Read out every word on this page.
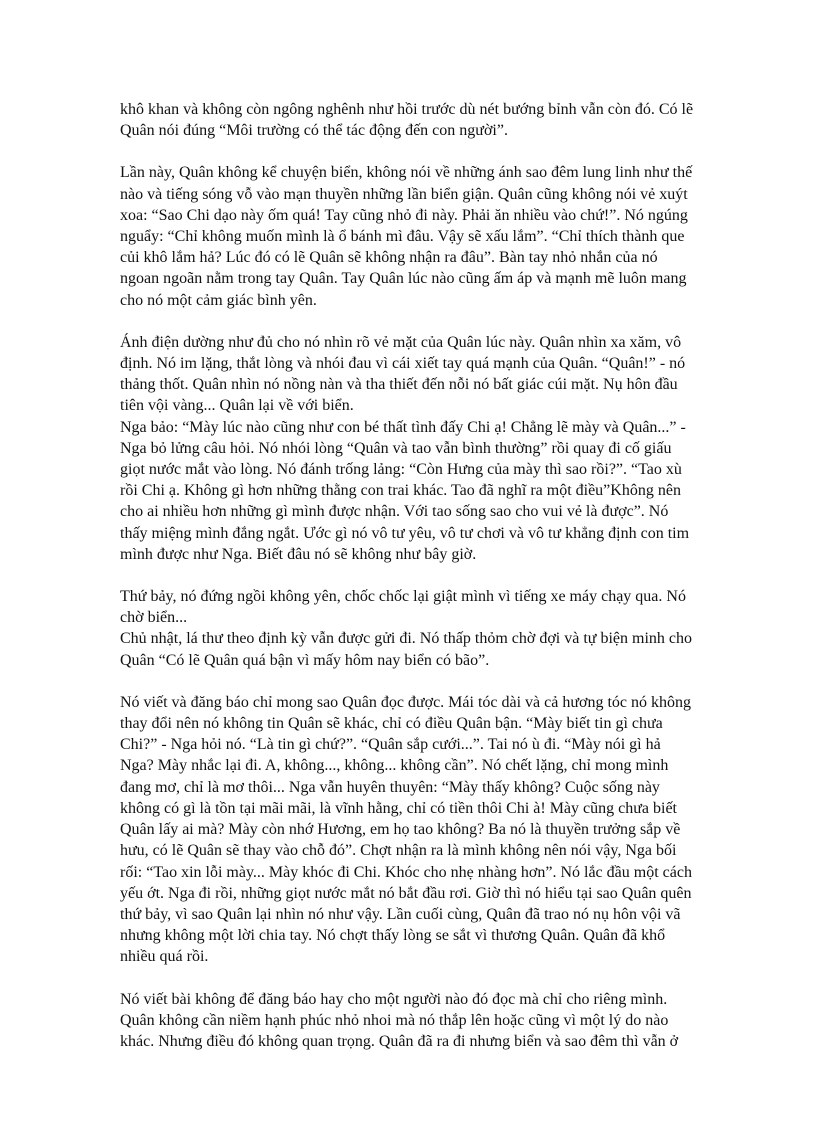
khô khan và không còn ngông nghênh như hồi trước dù nét bướng bỉnh vẫn còn đó. Có lẽ
Quân nói đúng “Môi trường có thể tác động đến con người”.

Lần này, Quân không kể chuyện biển, không nói về những ánh sao đêm lung linh như thế
nào và tiếng sóng vỗ vào mạn thuyền những lần biển giận. Quân cũng không nói vẻ xuýt
xoa: “Sao Chi dạo này ốm quá! Tay cũng nhỏ đi này. Phải ăn nhiều vào chứ!”. Nó ngúng
nguẩy: “Chỉ không muốn mình là ổ bánh mì đâu. Vậy sẽ xấu lắm”. “Chỉ thích thành que
củi khô lắm hả? Lúc đó có lẽ Quân sẽ không nhận ra đâu”. Bàn tay nhỏ nhắn của nó
ngoan ngoãn nằm trong tay Quân. Tay Quân lúc nào cũng ấm áp và mạnh mẽ luôn mang
cho nó một cảm giác bình yên.

Ánh điện dường như đủ cho nó nhìn rõ vẻ mặt của Quân lúc này. Quân nhìn xa xăm, vô
định. Nó im lặng, thắt lòng và nhói đau vì cái xiết tay quá mạnh của Quân. “Quân!” - nó
thảng thốt. Quân nhìn nó nồng nàn và tha thiết đến nỗi nó bất giác cúi mặt. Nụ hôn đầu
tiên vội vàng... Quân lại về với biển.

Nga bảo: “Mày lúc nào cũng như con bé thất tình đấy Chi ạ! Chẳng lẽ mày và Quân...” -
Nga bỏ lửng câu hỏi. Nó nhói lòng “Quân và tao vẫn bình thường” rồi quay đi cố giấu
giọt nước mắt vào lòng. Nó đánh trống lảng: “Còn Hưng của mày thì sao rồi?”. “Tao xù
rồi Chi ạ. Không gì hơn những thằng con trai khác. Tao đã nghĩ ra một điều”Không nên
cho ai nhiều hơn những gì mình được nhận. Với tao sống sao cho vui vẻ là được”. Nó
thấy miệng mình đắng ngắt. Ước gì nó vô tư yêu, vô tư chơi và vô tư khẳng định con tim
mình được như Nga. Biết đâu nó sẽ không như bây giờ.

Thứ bảy, nó đứng ngồi không yên, chốc chốc lại giật mình vì tiếng xe máy chạy qua. Nó
chờ biển...

Chủ nhật, lá thư theo định kỳ vẫn được gửi đi. Nó thấp thỏm chờ đợi và tự biện minh cho
Quân “Có lẽ Quân quá bận vì mấy hôm nay biển có bão”.

Nó viết và đăng báo chỉ mong sao Quân đọc được. Mái tóc dài và cả hương tóc nó không
thay đổi nên nó không tin Quân sẽ khác, chỉ có điều Quân bận. “Mày biết tin gì chưa
Chi?” - Nga hỏi nó. “Là tin gì chứ?”. “Quân sắp cưới...”. Tai nó ù đi. “Mày nói gì hả
Nga? Mày nhắc lại đi. A, không..., không... không cần”. Nó chết lặng, chỉ mong mình
đang mơ, chỉ là mơ thôi... Nga vẫn huyên thuyên: “Mày thấy không? Cuộc sống này
không có gì là tồn tại mãi mãi, là vĩnh hằng, chỉ có tiền thôi Chi à! Mày cũng chưa biết
Quân lấy ai mà? Mày còn nhớ Hương, em họ tao không? Ba nó là thuyền trưởng sắp về
hưu, có lẽ Quân sẽ thay vào chỗ đó”. Chợt nhận ra là mình không nên nói vậy, Nga bối
rối: “Tao xin lỗi mày... Mày khóc đi Chi. Khóc cho nhẹ nhàng hơn”. Nó lắc đầu một cách
yếu ớt. Nga đi rồi, những giọt nước mắt nó bắt đầu rơi. Giờ thì nó hiểu tại sao Quân quên
thứ bảy, vì sao Quân lại nhìn nó như vậy. Lần cuối cùng, Quân đã trao nó nụ hôn vội vã
nhưng không một lời chia tay. Nó chợt thấy lòng se sắt vì thương Quân. Quân đã khổ
nhiều quá rồi.

Nó viết bài không để đăng báo hay cho một người nào đó đọc mà chỉ cho riêng mình.
Quân không cần niềm hạnh phúc nhỏ nhoi mà nó thắp lên hoặc cũng vì một lý do nào
khác. Nhưng điều đó không quan trọng. Quân đã ra đi nhưng biển và sao đêm thì vẫn ở
